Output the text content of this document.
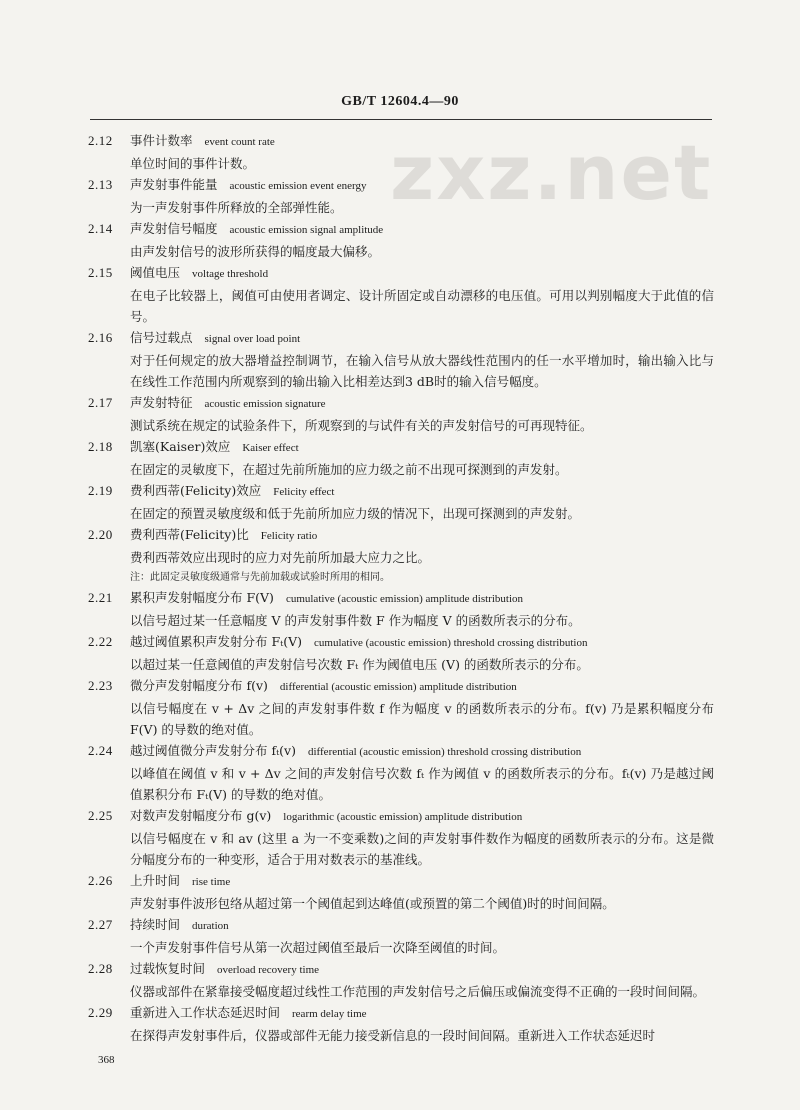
zxz.net
GB/T 12604.4—90
2.12 事件计数率 event count rate
单位时间的事件计数。
2.13 声发射事件能量 acoustic emission event energy
为一声发射事件所释放的全部弹性能。
2.14 声发射信号幅度 acoustic emission signal amplitude
由声发射信号的波形所获得的幅度最大偏移。
2.15 阈值电压 voltage threshold
在电子比较器上，阈值可由使用者调定、设计所固定或自动漂移的电压值。可用以判别幅度大于此值的信号。
2.16 信号过载点 signal over load point
对于任何规定的放大器增益控制调节，在输入信号从放大器线性范围内的任一水平增加时，输出输入比与在线性工作范围内所观察到的输出输入比相差达到3 dB时的输入信号幅度。
2.17 声发射特征 acoustic emission signature
测试系统在规定的试验条件下，所观察到的与试件有关的声发射信号的可再现特征。
2.18 凯塞(Kaiser)效应 Kaiser effect
在固定的灵敏度下，在超过先前所施加的应力级之前不出现可探测到的声发射。
2.19 费利西蒂(Felicity)效应 Felicity effect
在固定的预置灵敏度级和低于先前所加应力级的情况下，出现可探测到的声发射。
2.20 费利西蒂(Felicity)比 Felicity ratio
费利西蒂效应出现时的应力对先前所加最大应力之比。
注：此固定灵敏度级通常与先前加载或试验时所用的相同。
2.21 累积声发射幅度分布 F(V) cumulative (acoustic emission) amplitude distribution
以信号超过某一任意幅度 V 的声发射事件数 F 作为幅度 V 的函数所表示的分布。
2.22 越过阈值累积声发射分布 Fₜ(V) cumulative (acoustic emission) threshold crossing distribution
以超过某一任意阈值的声发射信号次数 Fₜ 作为阈值电压 (V) 的函数所表示的分布。
2.23 微分声发射幅度分布 f(v) differential (acoustic emission) amplitude distribution
以信号幅度在 v + Δv 之间的声发射事件数 f 作为幅度 v 的函数所表示的分布。f(v) 乃是累积幅度分布 F(V) 的导数的绝对值。
2.24 越过阈值微分声发射分布 fₜ(v) differential (acoustic emission) threshold crossing distribution
以峰值在阈值 v 和 v + Δv 之间的声发射信号次数 fₜ 作为阈值 v 的函数所表示的分布。fₜ(v) 乃是越过阈值累积分布 Fₜ(V) 的导数的绝对值。
2.25 对数声发射幅度分布 g(v) logarithmic (acoustic emission) amplitude distribution
以信号幅度在 v 和 av (这里 a 为一不变乘数)之间的声发射事件数作为幅度的函数所表示的分布。这是微分幅度分布的一种变形，适合于用对数表示的基准线。
2.26 上升时间 rise time
声发射事件波形包络从超过第一个阈值起到达峰值(或预置的第二个阈值)时的时间间隔。
2.27 持续时间 duration
一个声发射事件信号从第一次超过阈值至最后一次降至阈值的时间。
2.28 过载恢复时间 overload recovery time
仪器或部件在紧靠接受幅度超过线性工作范围的声发射信号之后偏压或偏流变得不正确的一段时间间隔。
2.29 重新进入工作状态延迟时间 rearm delay time
在探得声发射事件后，仪器或部件无能力接受新信息的一段时间间隔。重新进入工作状态延迟时
368
